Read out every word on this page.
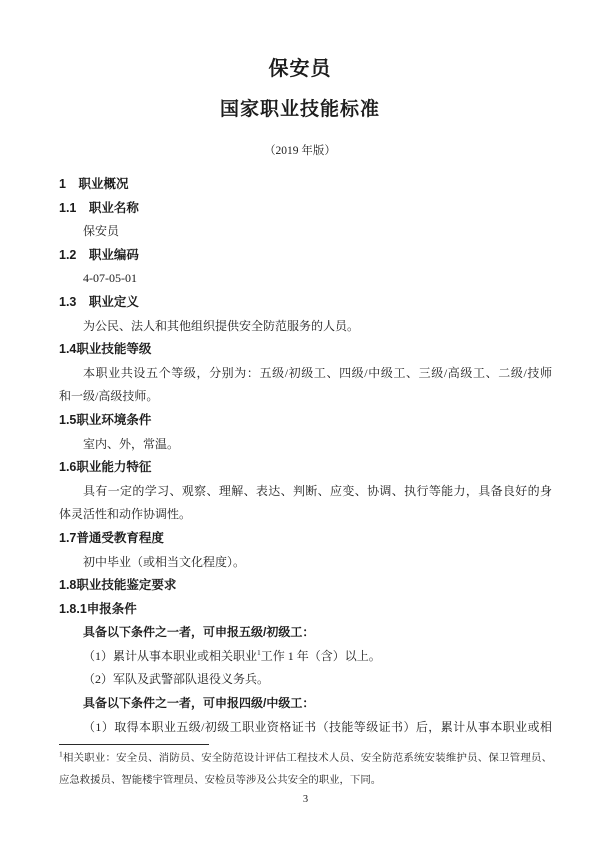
保安员
国家职业技能标准
（2019 年版）

1　职业概况

1.1　职业名称

保安员

1.2　职业编码

4-07-05-01

1.3　职业定义

为公民、法人和其他组织提供安全防范服务的人员。

1.4职业技能等级

本职业共设五个等级，分别为：五级/初级工、四级/中级工、三级/高级工、二级/技师

和一级/高级技师。

1.5职业环境条件

室内、外，常温。

1.6职业能力特征

具有一定的学习、观察、理解、表达、判断、应变、协调、执行等能力，具备良好的身

体灵活性和动作协调性。

1.7普通受教育程度

初中毕业（或相当文化程度）。

1.8职业技能鉴定要求

1.8.1申报条件

具备以下条件之一者，可申报五级/初级工：

（1）累计从事本职业或相关职业$^1$工作 1 年（含）以上。

（2）军队及武警部队退役义务兵。

具备以下条件之一者，可申报四级/中级工：

（1）取得本职业五级/初级工职业资格证书（技能等级证书）后，累计从事本职业或相

$^1$相关职业：安全员、消防员、安全防范设计评估工程技术人员、安全防范系统安装维护员、保卫管理员、

应急救援员、智能楼宇管理员、安检员等涉及公共安全的职业，下同。

3
